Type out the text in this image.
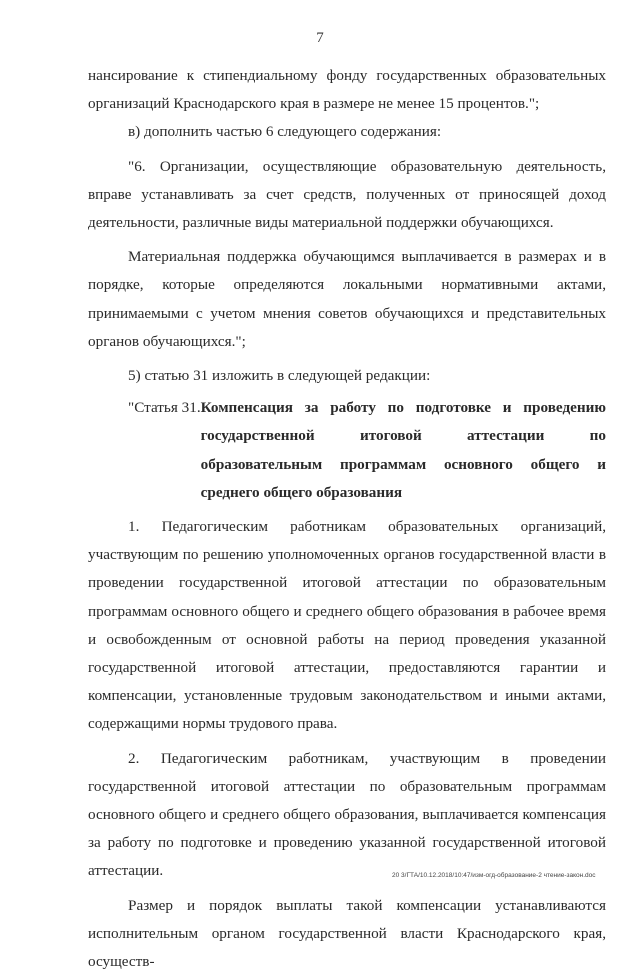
7

нансирование к стипендиальному фонду государственных образовательных организаций Краснодарского края в размере не менее 15 процентов.";

в) дополнить частью 6 следующего содержания:

"6. Организации, осуществляющие образовательную деятельность, вправе устанавливать за счет средств, полученных от приносящей доход деятельности, различные виды материальной поддержки обучающихся.

Материальная поддержка обучающимся выплачивается в размерах и в порядке, которые определяются локальными нормативными актами, принимаемыми с учетом мнения советов обучающихся и представительных органов обучающихся.";

5) статью 31 изложить в следующей редакции:

"Статья 31. Компенсация за работу по подготовке и проведению государственной итоговой аттестации по образовательным программам основного общего и среднего общего образования

1. Педагогическим работникам образовательных организаций, участвующим по решению уполномоченных органов государственной власти в проведении государственной итоговой аттестации по образовательным программам основного общего и среднего общего образования в рабочее время и освобожденным от основной работы на период проведения указанной государственной итоговой аттестации, предоставляются гарантии и компенсации, установленные трудовым законодательством и иными актами, содержащими нормы трудового права.

2. Педагогическим работникам, участвующим в проведении государственной итоговой аттестации по образовательным программам основного общего и среднего общего образования, выплачивается компенсация за работу по подготовке и проведению указанной государственной итоговой аттестации.

Размер и порядок выплаты такой компенсации устанавливаются исполнительным органом государственной власти Краснодарского края, осуществ-

20 3/ГТА/10.12.2018/10:47/изм-огд-образование-2 чтение-закон.doc
